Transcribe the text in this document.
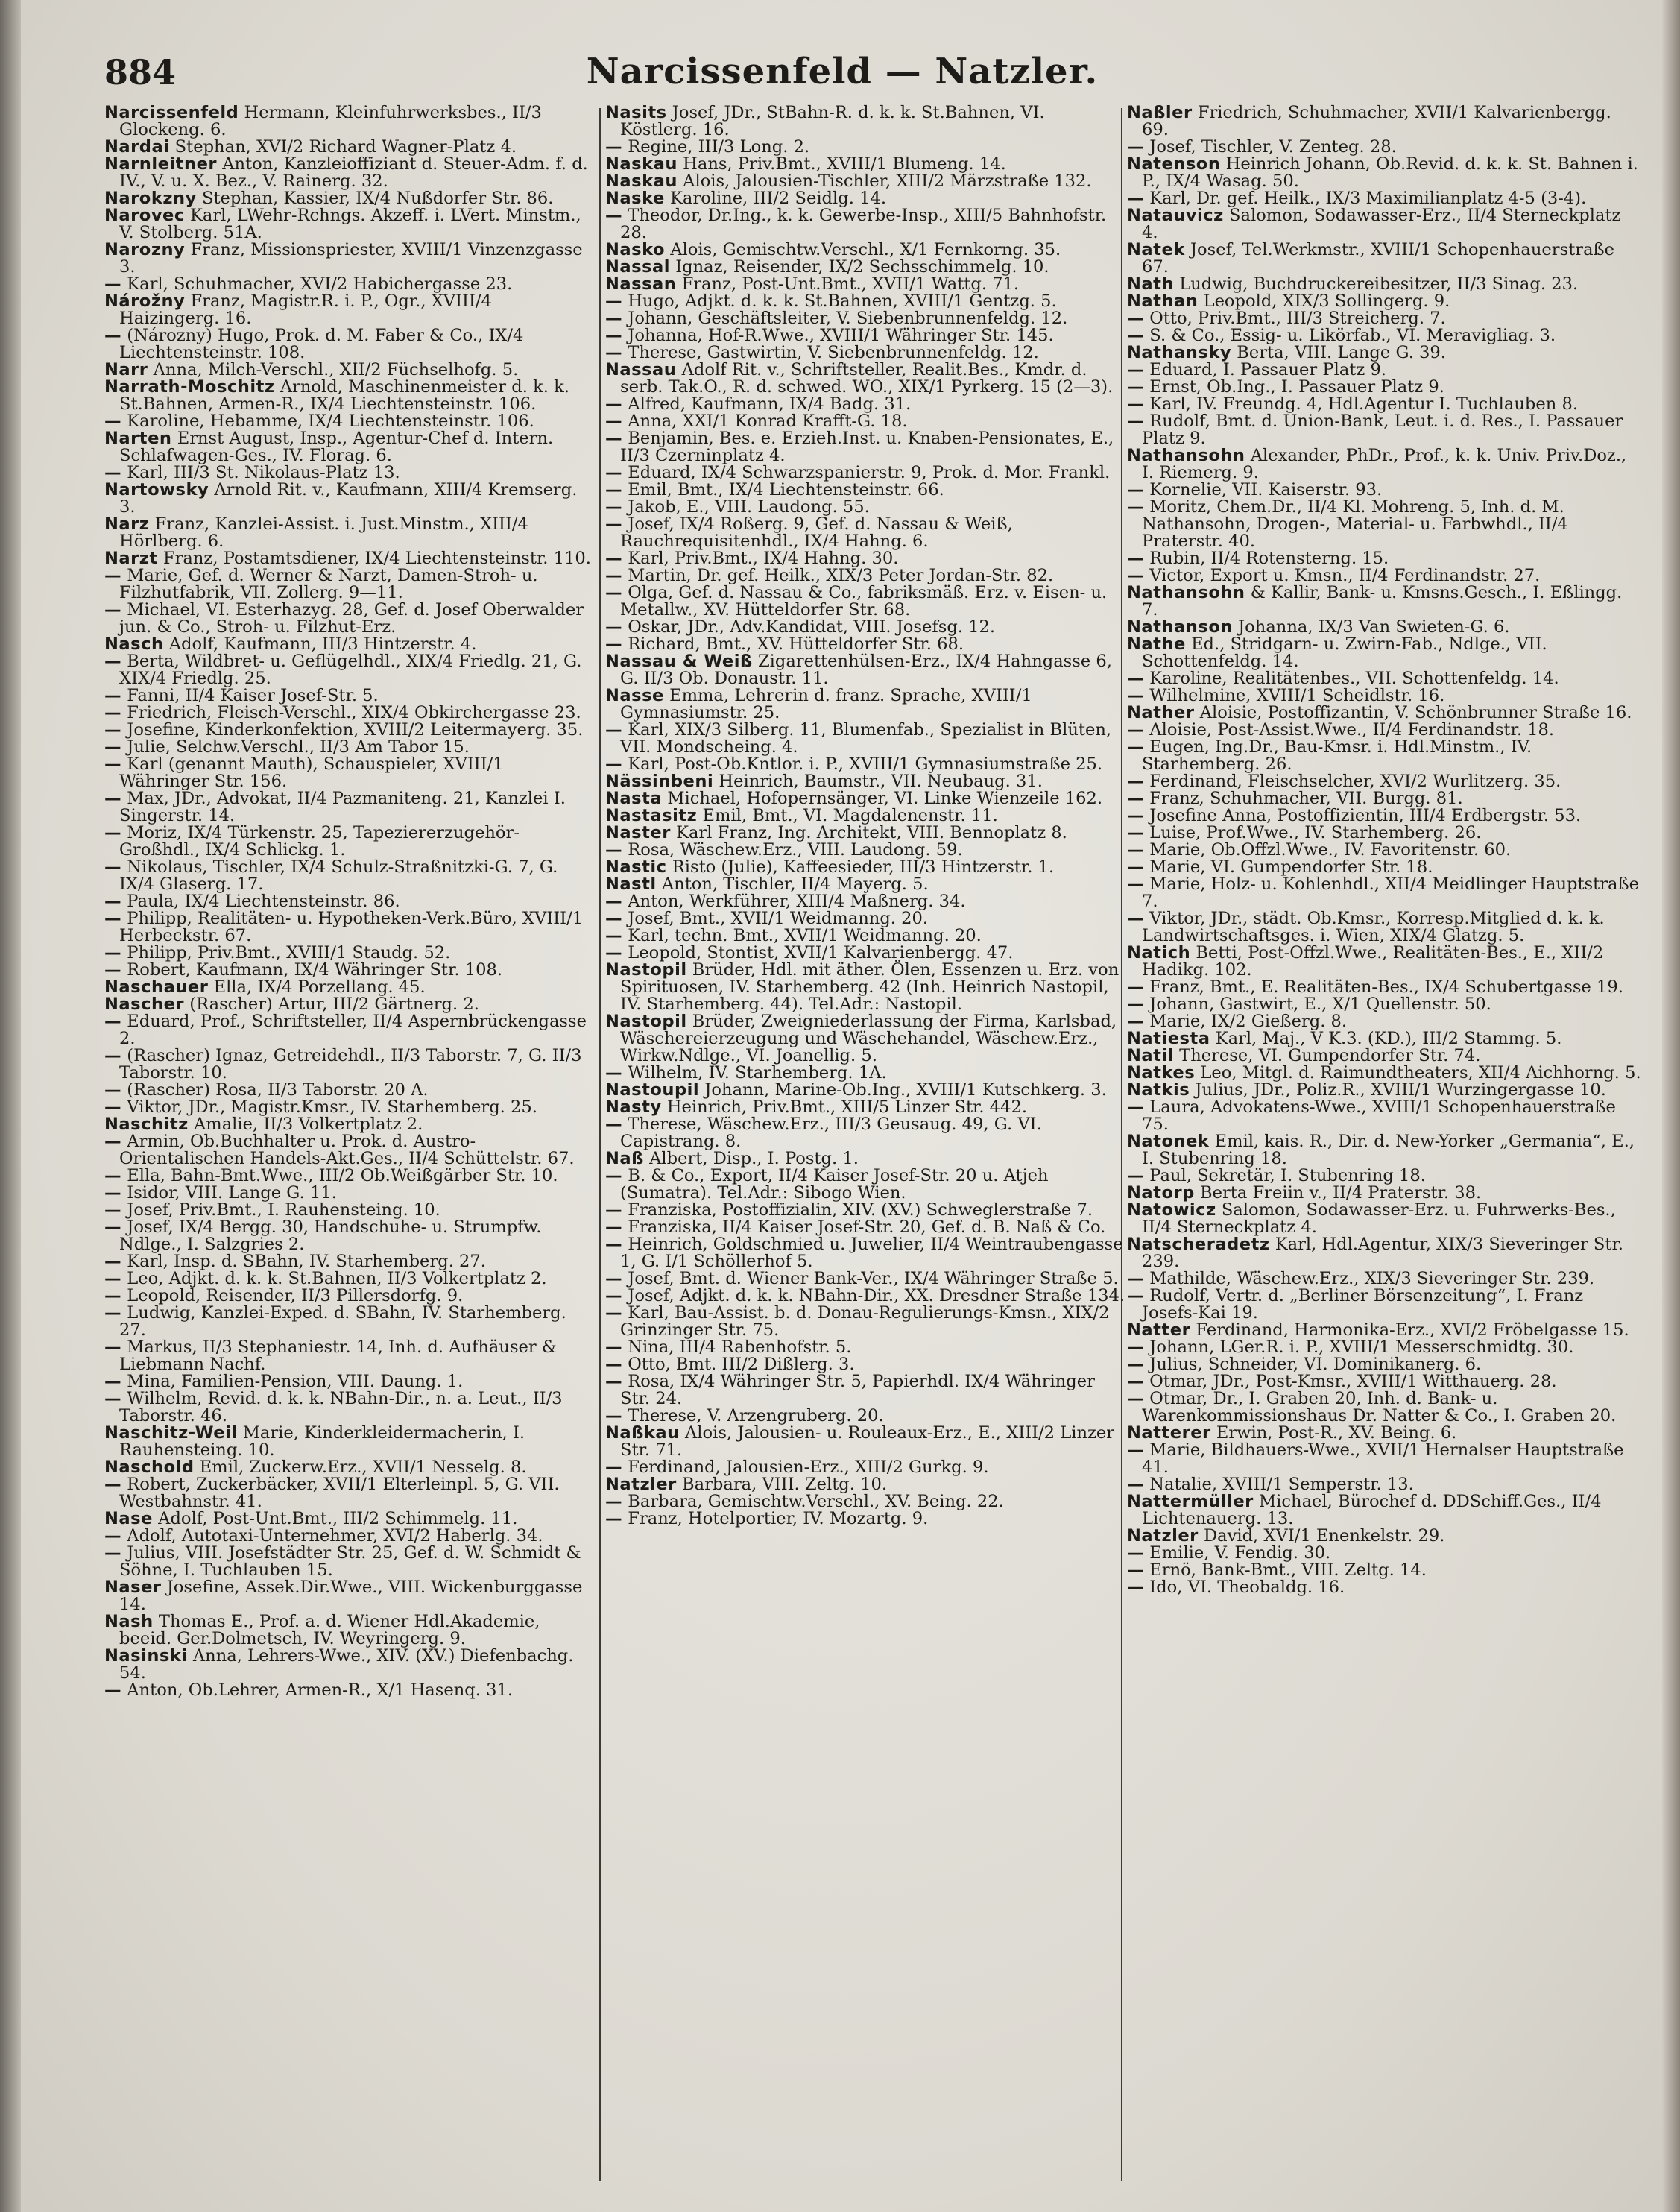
884	Narcissenfeld — Natzler.

Narcissenfeld Hermann, Kleinfuhrwerksbes., II/3 Glockeng. 6.

Nardai Stephan, XVI/2 Richard Wagner-Platz 4.

Narnleitner Anton, Kanzleioffiziant d. Steuer-Adm. f. d. IV., V. u. X. Bez., V. Rainerg. 32.

Narokzny Stephan, Kassier, IX/4 Nußdorfer Str. 86.

Narovec Karl, LWehr-Rchngs. Akzeff. i. LVert. Minstm., V. Stolberg. 51A.

Narozny Franz, Missionspriester, XVIII/1 Vinzenzgasse 3.

— Karl, Schuhmacher, XVI/2 Habichergasse 23.

Nárožny Franz, Magistr.R. i. P., Ogr., XVIII/4 Haizingerg. 16.

— (Nározny) Hugo, Prok. d. M. Faber & Co., IX/4 Liechtensteinstr. 108.

Narr Anna, Milch-Verschl., XII/2 Füchselhofg. 5.

Narrath-Moschitz Arnold, Maschinenmeister d. k. k. St.Bahnen, Armen-R., IX/4 Liechtensteinstr. 106.

— Karoline, Hebamme, IX/4 Liechtensteinstr. 106.

Narten Ernst August, Insp., Agentur-Chef d. Intern. Schlafwagen-Ges., IV. Florag. 6.

— Karl, III/3 St. Nikolaus-Platz 13.

Nartowsky Arnold Rit. v., Kaufmann, XIII/4 Kremserg. 3.

Narz Franz, Kanzlei-Assist. i. Just.Minstm., XIII/4 Hörlberg. 6.

Narzt Franz, Postamtsdiener, IX/4 Liechtensteinstr. 110.

— Marie, Gef. d. Werner & Narzt, Damen-Stroh- u. Filzhutfabrik, VII. Zollerg. 9—11.

— Michael, VI. Esterhazyg. 28, Gef. d. Josef Oberwalder jun. & Co., Stroh- u. Filzhut-Erz.

Nasch Adolf, Kaufmann, III/3 Hintzerstr. 4.

— Berta, Wildbret- u. Geflügelhdl., XIX/4 Friedlg. 21, G. XIX/4 Friedlg. 25.

— Fanni, II/4 Kaiser Josef-Str. 5.

— Friedrich, Fleisch-Verschl., XIX/4 Obkirchergasse 23.

— Josefine, Kinderkonfektion, XVIII/2 Leitermayerg. 35.

— Julie, Selchw.Verschl., II/3 Am Tabor 15.

— Karl (genannt Mauth), Schauspieler, XVIII/1 Währinger Str. 156.

— Max, JDr., Advokat, II/4 Pazmaniteng. 21, Kanzlei I. Singerstr. 14.

— Moriz, IX/4 Türkenstr. 25, Tapeziererzugehör-Großhdl., IX/4 Schlickg. 1.

— Nikolaus, Tischler, IX/4 Schulz-Straßnitzki-G. 7, G. IX/4 Glaserg. 17.

— Paula, IX/4 Liechtensteinstr. 86.

— Philipp, Realitäten- u. Hypotheken-Verk.Büro, XVIII/1 Herbeckstr. 67.

— Philipp, Priv.Bmt., XVIII/1 Staudg. 52.

— Robert, Kaufmann, IX/4 Währinger Str. 108.

Naschauer Ella, IX/4 Porzellang. 45.

Nascher (Rascher) Artur, III/2 Gärtnerg. 2.

— Eduard, Prof., Schriftsteller, II/4 Aspernbrückengasse 2.

— (Rascher) Ignaz, Getreidehdl., II/3 Taborstr. 7, G. II/3 Taborstr. 10.

— (Rascher) Rosa, II/3 Taborstr. 20 A.

— Viktor, JDr., Magistr.Kmsr., IV. Starhemberg. 25.

Naschitz Amalie, II/3 Volkertplatz 2.

— Armin, Ob.Buchhalter u. Prok. d. Austro-Orientalischen Handels-Akt.Ges., II/4 Schüttelstr. 67.

— Ella, Bahn-Bmt.Wwe., III/2 Ob.Weißgärber Str. 10.

— Isidor, VIII. Lange G. 11.

— Josef, Priv.Bmt., I. Rauhensteing. 10.

— Josef, IX/4 Bergg. 30, Handschuhe- u. Strumpfw. Ndlge., I. Salzgries 2.

— Karl, Insp. d. SBahn, IV. Starhemberg. 27.

— Leo, Adjkt. d. k. k. St.Bahnen, II/3 Volkertplatz 2.

— Leopold, Reisender, II/3 Pillersdorfg. 9.

— Ludwig, Kanzlei-Exped. d. SBahn, IV. Starhemberg. 27.

— Markus, II/3 Stephaniestr. 14, Inh. d. Aufhäuser & Liebmann Nachf.

— Mina, Familien-Pension, VIII. Daung. 1.

— Wilhelm, Revid. d. k. k. NBahn-Dir., n. a. Leut., II/3 Taborstr. 46.

Naschitz-Weil Marie, Kinderkleidermacherin, I. Rauhensteing. 10.

Naschold Emil, Zuckerw.Erz., XVII/1 Nesselg. 8.

— Robert, Zuckerbäcker, XVII/1 Elterleinpl. 5, G. VII. Westbahnstr. 41.

Nase Adolf, Post-Unt.Bmt., III/2 Schimmelg. 11.

— Adolf, Autotaxi-Unternehmer, XVI/2 Haberlg. 34.

— Julius, VIII. Josefstädter Str. 25, Gef. d. W. Schmidt & Söhne, I. Tuchlauben 15.

Naser Josefine, Assek.Dir.Wwe., VIII. Wickenburggasse 14.

Nash Thomas E., Prof. a. d. Wiener Hdl.Akademie, beeid. Ger.Dolmetsch, IV. Weyringerg. 9.

Nasinski Anna, Lehrers-Wwe., XIV. (XV.) Diefenbachg. 54.

— Anton, Ob.Lehrer, Armen-R., X/1 Hasenq. 31.

Nasits Josef, JDr., StBahn-R. d. k. k. St.Bahnen, VI. Köstlerg. 16.

— Regine, III/3 Long. 2.

Naskau Hans, Priv.Bmt., XVIII/1 Blumeng. 14.

Naskau Alois, Jalousien-Tischler, XIII/2 Märzstraße 132.

Naske Karoline, III/2 Seidlg. 14.

— Theodor, Dr.Ing., k. k. Gewerbe-Insp., XIII/5 Bahnhofstr. 28.

Nasko Alois, Gemischtw.Verschl., X/1 Fernkorng. 35.

Nassal Ignaz, Reisender, IX/2 Sechsschimmelg. 10.

Nassan Franz, Post-Unt.Bmt., XVII/1 Wattg. 71.

— Hugo, Adjkt. d. k. k. St.Bahnen, XVIII/1 Gentzg. 5.

— Johann, Geschäftsleiter, V. Siebenbrunnenfeldg. 12.

— Johanna, Hof-R.Wwe., XVIII/1 Währinger Str. 145.

— Therese, Gastwirtin, V. Siebenbrunnenfeldg. 12.

Nassau Adolf Rit. v., Schriftsteller, Realit.Bes., Kmdr. d. serb. Tak.O., R. d. schwed. WO., XIX/1 Pyrkerg. 15 (2—3).

— Alfred, Kaufmann, IX/4 Badg. 31.

— Anna, XXI/1 Konrad Krafft-G. 18.

— Benjamin, Bes. e. Erzieh.Inst. u. Knaben-Pensionates, E., II/3 Czerninplatz 4.

— Eduard, IX/4 Schwarzspanierstr. 9, Prok. d. Mor. Frankl.

— Emil, Bmt., IX/4 Liechtensteinstr. 66.

— Jakob, E., VIII. Laudong. 55.

— Josef, IX/4 Roßerg. 9, Gef. d. Nassau & Weiß, Rauchrequisitenhdl., IX/4 Hahng. 6.

— Karl, Priv.Bmt., IX/4 Hahng. 30.

— Martin, Dr. gef. Heilk., XIX/3 Peter Jordan-Str. 82.

— Olga, Gef. d. Nassau & Co., fabriksmäß. Erz. v. Eisen- u. Metallw., XV. Hütteldorfer Str. 68.

— Oskar, JDr., Adv.Kandidat, VIII. Josefsg. 12.

— Richard, Bmt., XV. Hütteldorfer Str. 68.

Nassau & Weiß Zigarettenhülsen-Erz., IX/4 Hahngasse 6, G. II/3 Ob. Donaustr. 11.

Nasse Emma, Lehrerin d. franz. Sprache, XVIII/1 Gymnasiumstr. 25.

— Karl, XIX/3 Silberg. 11, Blumenfab., Spezialist in Blüten, VII. Mondscheing. 4.

— Karl, Post-Ob.Kntlor. i. P., XVIII/1 Gymnasiumstraße 25.

Nässinbeni Heinrich, Baumstr., VII. Neubaug. 31.

Nasta Michael, Hofopernsänger, VI. Linke Wienzeile 162.

Nastasitz Emil, Bmt., VI. Magdalenenstr. 11.

Naster Karl Franz, Ing. Architekt, VIII. Bennoplatz 8.

— Rosa, Wäschew.Erz., VIII. Laudong. 59.

Nastic Risto (Julie), Kaffeesieder, III/3 Hintzerstr. 1.

Nastl Anton, Tischler, II/4 Mayerg. 5.

— Anton, Werkführer, XIII/4 Maßnerg. 34.

— Josef, Bmt., XVII/1 Weidmanng. 20.

— Karl, techn. Bmt., XVII/1 Weidmanng. 20.

— Leopold, Stontist, XVII/1 Kalvarienbergg. 47.

Nastopil Brüder, Hdl. mit äther. Ölen, Essenzen u. Erz. von Spirituosen, IV. Starhemberg. 42 (Inh. Heinrich Nastopil, IV. Starhemberg. 44). Tel.Adr.: Nastopil.

Nastopil Brüder, Zweigniederlassung der Firma, Karlsbad, Wäschereierzeugung und Wäschehandel, Wäschew.Erz., Wirkw.Ndlge., VI. Joanellig. 5.

— Wilhelm, IV. Starhemberg. 1A.

Nastoupil Johann, Marine-Ob.Ing., XVIII/1 Kutschkerg. 3.

Nasty Heinrich, Priv.Bmt., XIII/5 Linzer Str. 442.

— Therese, Wäschew.Erz., III/3 Geusaug. 49, G. VI. Capistrang. 8.

Naß Albert, Disp., I. Postg. 1.

— B. & Co., Export, II/4 Kaiser Josef-Str. 20 u. Atjeh (Sumatra). Tel.Adr.: Sibogo Wien.

— Franziska, Postoffizialin, XIV. (XV.) Schweglerstraße 7.

— Franziska, II/4 Kaiser Josef-Str. 20, Gef. d. B. Naß & Co.

— Heinrich, Goldschmied u. Juwelier, II/4 Weintraubengasse 1, G. I/1 Schöllerhof 5.

— Josef, Bmt. d. Wiener Bank-Ver., IX/4 Währinger Straße 5.

— Josef, Adjkt. d. k. k. NBahn-Dir., XX. Dresdner Straße 134.

— Karl, Bau-Assist. b. d. Donau-Regulierungs-Kmsn., XIX/2 Grinzinger Str. 75.

— Nina, III/4 Rabenhofstr. 5.

— Otto, Bmt. III/2 Dißlerg. 3.

— Rosa, IX/4 Währinger Str. 5, Papierhdl. IX/4 Währinger Str. 24.

— Therese, V. Arzengruberg. 20.

Naßkau Alois, Jalousien- u. Rouleaux-Erz., E., XIII/2 Linzer Str. 71.

— Ferdinand, Jalousien-Erz., XIII/2 Gurkg. 9.

Natzler Barbara, VIII. Zeltg. 10.

— Barbara, Gemischtw.Verschl., XV. Being. 22.

— Franz, Hotelportier, IV. Mozartg. 9.

Naßler Friedrich, Schuhmacher, XVII/1 Kalvarienbergg. 69.

— Josef, Tischler, V. Zenteg. 28.

Natenson Heinrich Johann, Ob.Revid. d. k. k. St. Bahnen i. P., IX/4 Wasag. 50.

— Karl, Dr. gef. Heilk., IX/3 Maximilianplatz 4-5 (3-4).

Natauvicz Salomon, Sodawasser-Erz., II/4 Sterneckplatz 4.

Natek Josef, Tel.Werkmstr., XVIII/1 Schopenhauerstraße 67.

Nath Ludwig, Buchdruckereibesitzer, II/3 Sinag. 23.

Nathan Leopold, XIX/3 Sollingerg. 9.

— Otto, Priv.Bmt., III/3 Streicherg. 7.

— S. & Co., Essig- u. Likörfab., VI. Meravigliag. 3.

Nathansky Berta, VIII. Lange G. 39.

— Eduard, I. Passauer Platz 9.

— Ernst, Ob.Ing., I. Passauer Platz 9.

— Karl, IV. Freundg. 4, Hdl.Agentur I. Tuchlauben 8.

— Rudolf, Bmt. d. Union-Bank, Leut. i. d. Res., I. Passauer Platz 9.

Nathansohn Alexander, PhDr., Prof., k. k. Univ. Priv.Doz., I. Riemerg. 9.

— Kornelie, VII. Kaiserstr. 93.

— Moritz, Chem.Dr., II/4 Kl. Mohreng. 5, Inh. d. M. Nathansohn, Drogen-, Material- u. Farbwhdl., II/4 Praterstr. 40.

— Rubin, II/4 Rotensterng. 15.

— Victor, Export u. Kmsn., II/4 Ferdinandstr. 27.

Nathansohn & Kallir, Bank- u. Kmsns.Gesch., I. Eßlingg. 7.

Nathanson Johanna, IX/3 Van Swieten-G. 6.

Nathe Ed., Stridgarn- u. Zwirn-Fab., Ndlge., VII. Schottenfeldg. 14.

— Karoline, Realitätenbes., VII. Schottenfeldg. 14.

— Wilhelmine, XVIII/1 Scheidlstr. 16.

Nather Aloisie, Postoffizantin, V. Schönbrunner Straße 16.

— Aloisie, Post-Assist.Wwe., II/4 Ferdinandstr. 18.

— Eugen, Ing.Dr., Bau-Kmsr. i. Hdl.Minstm., IV. Starhemberg. 26.

— Ferdinand, Fleischselcher, XVI/2 Wurlitzerg. 35.

— Franz, Schuhmacher, VII. Burgg. 81.

— Josefine Anna, Postoffizientin, III/4 Erdbergstr. 53.

— Luise, Prof.Wwe., IV. Starhemberg. 26.

— Marie, Ob.Offzl.Wwe., IV. Favoritenstr. 60.

— Marie, VI. Gumpendorfer Str. 18.

— Marie, Holz- u. Kohlenhdl., XII/4 Meidlinger Hauptstraße 7.

— Viktor, JDr., städt. Ob.Kmsr., Korresp.Mitglied d. k. k. Landwirtschaftsges. i. Wien, XIX/4 Glatzg. 5.

Natich Betti, Post-Offzl.Wwe., Realitäten-Bes., E., XII/2 Hadikg. 102.

— Franz, Bmt., E. Realitäten-Bes., IX/4 Schubertgasse 19.

— Johann, Gastwirt, E., X/1 Quellenstr. 50.

— Marie, IX/2 Gießerg. 8.

Natiesta Karl, Maj., V K.3. (KD.), III/2 Stammg. 5.

Natil Therese, VI. Gumpendorfer Str. 74.

Natkes Leo, Mitgl. d. Raimundtheaters, XII/4 Aichhorng. 5.

Natkis Julius, JDr., Poliz.R., XVIII/1 Wurzingergasse 10.

— Laura, Advokatens-Wwe., XVIII/1 Schopenhauerstraße 75.

Natonek Emil, kais. R., Dir. d. New-Yorker „Germania“, E., I. Stubenring 18.

— Paul, Sekretär, I. Stubenring 18.

Natorp Berta Freiin v., II/4 Praterstr. 38.

Natowicz Salomon, Sodawasser-Erz. u. Fuhrwerks-Bes., II/4 Sterneckplatz 4.

Natscheradetz Karl, Hdl.Agentur, XIX/3 Sieveringer Str. 239.

— Mathilde, Wäschew.Erz., XIX/3 Sieveringer Str. 239.

— Rudolf, Vertr. d. „Berliner Börsenzeitung“, I. Franz Josefs-Kai 19.

Natter Ferdinand, Harmonika-Erz., XVI/2 Fröbelgasse 15.

— Johann, LGer.R. i. P., XVIII/1 Messerschmidtg. 30.

— Julius, Schneider, VI. Dominikanerg. 6.

— Otmar, JDr., Post-Kmsr., XVIII/1 Witthauerg. 28.

— Otmar, Dr., I. Graben 20, Inh. d. Bank- u. Warenkommissionshaus Dr. Natter & Co., I. Graben 20.

Natterer Erwin, Post-R., XV. Being. 6.

— Marie, Bildhauers-Wwe., XVII/1 Hernalser Hauptstraße 41.

— Natalie, XVIII/1 Semperstr. 13.

Nattermüller Michael, Bürochef d. DDSchiff.Ges., II/4 Lichtenauerg. 13.

Natzler David, XVI/1 Enenkelstr. 29.

— Emilie, V. Fendig. 30.

— Ernö, Bank-Bmt., VIII. Zeltg. 14.

— Ido, VI. Theobaldg. 16.
